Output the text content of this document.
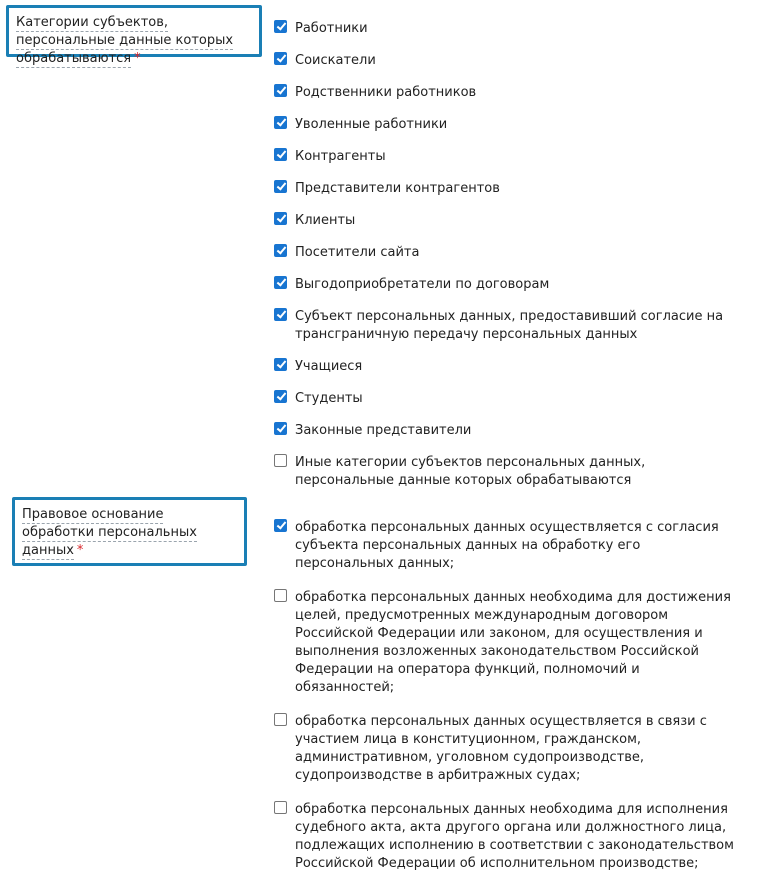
Категории субъектов, персональные данные которых обрабатываются *
Работники
Соискатели
Родственники работников
Уволенные работники
Контрагенты
Представители контрагентов
Клиенты
Посетители сайта
Выгодоприобретатели по договорам
Субъект персональных данных, предоставивший согласие на трансграничную передачу персональных данных
Учащиеся
Студенты
Законные представители
Иные категории субъектов персональных данных, персональные данные которых обрабатываются
Правовое основание обработки персональных данных *
обработка персональных данных осуществляется с согласия субъекта персональных данных на обработку его персональных данных;
обработка персональных данных необходима для достижения целей, предусмотренных международным договором Российской Федерации или законом, для осуществления и выполнения возложенных законодательством Российской Федерации на оператора функций, полномочий и обязанностей;
обработка персональных данных осуществляется в связи с участием лица в конституционном, гражданском, административном, уголовном судопроизводстве, судопроизводстве в арбитражных судах;
обработка персональных данных необходима для исполнения судебного акта, акта другого органа или должностного лица, подлежащих исполнению в соответствии с законодательством Российской Федерации об исполнительном производстве;
